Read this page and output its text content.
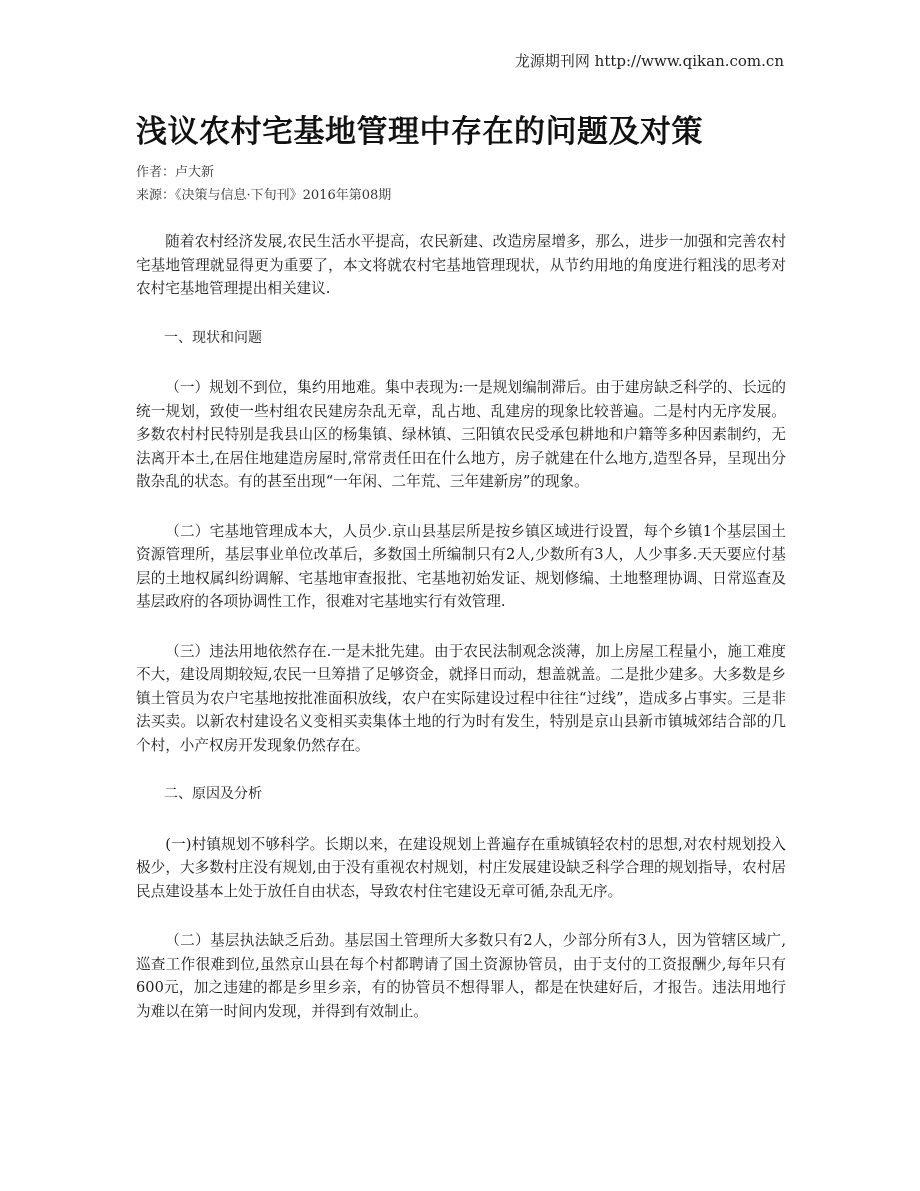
龙源期刊网 http://www.qikan.com.cn
浅议农村宅基地管理中存在的问题及对策
作者：卢大新
来源：《决策与信息·下旬刊》2016年第08期

随着农村经济发展,农民生活水平提高，农民新建、改造房屋增多，那么，进步一加强和完善农村宅基地管理就显得更为重要了，本文将就农村宅基地管理现状，从节约用地的角度进行粗浅的思考对农村宅基地管理提出相关建议.

一、现状和问题

（一）规划不到位，集约用地难。集中表现为:一是规划编制滞后。由于建房缺乏科学的、长远的统一规划，致使一些村组农民建房杂乱无章，乱占地、乱建房的现象比较普遍。二是村内无序发展。多数农村村民特别是我县山区的杨集镇、绿林镇、三阳镇农民受承包耕地和户籍等多种因素制约，无法离开本土,在居住地建造房屋时,常常责任田在什么地方，房子就建在什么地方,造型各异，呈现出分散杂乱的状态。有的甚至出现“一年闲、二年荒、三年建新房”的现象。

（二）宅基地管理成本大，人员少.京山县基层所是按乡镇区域进行设置，每个乡镇1个基层国土资源管理所，基层事业单位改革后，多数国土所编制只有2人,少数所有3人，人少事多.天天要应付基层的土地权属纠纷调解、宅基地审查报批、宅基地初始发证、规划修编、土地整理协调、日常巡查及基层政府的各项协调性工作，很难对宅基地实行有效管理.

（三）违法用地依然存在.一是未批先建。由于农民法制观念淡薄，加上房屋工程量小，施工难度不大，建设周期较短,农民一旦筹措了足够资金，就择日而动，想盖就盖。二是批少建多。大多数是乡镇土管员为农户宅基地按批准面积放线，农户在实际建设过程中往往“过线”，造成多占事实。三是非法买卖。以新农村建设名义变相买卖集体土地的行为时有发生，特别是京山县新市镇城郊结合部的几个村，小产权房开发现象仍然存在。

二、原因及分析

(一)村镇规划不够科学。长期以来，在建设规划上普遍存在重城镇轻农村的思想,对农村规划投入极少，大多数村庄没有规划,由于没有重视农村规划，村庄发展建设缺乏科学合理的规划指导，农村居民点建设基本上处于放任自由状态，导致农村住宅建设无章可循,杂乱无序。

（二）基层执法缺乏后劲。基层国土管理所大多数只有2人，少部分所有3人，因为管辖区域广,巡查工作很难到位,虽然京山县在每个村都聘请了国土资源协管员，由于支付的工资报酬少,每年只有600元，加之违建的都是乡里乡亲，有的协管员不想得罪人，都是在快建好后，才报告。违法用地行为难以在第一时间内发现，并得到有效制止。
